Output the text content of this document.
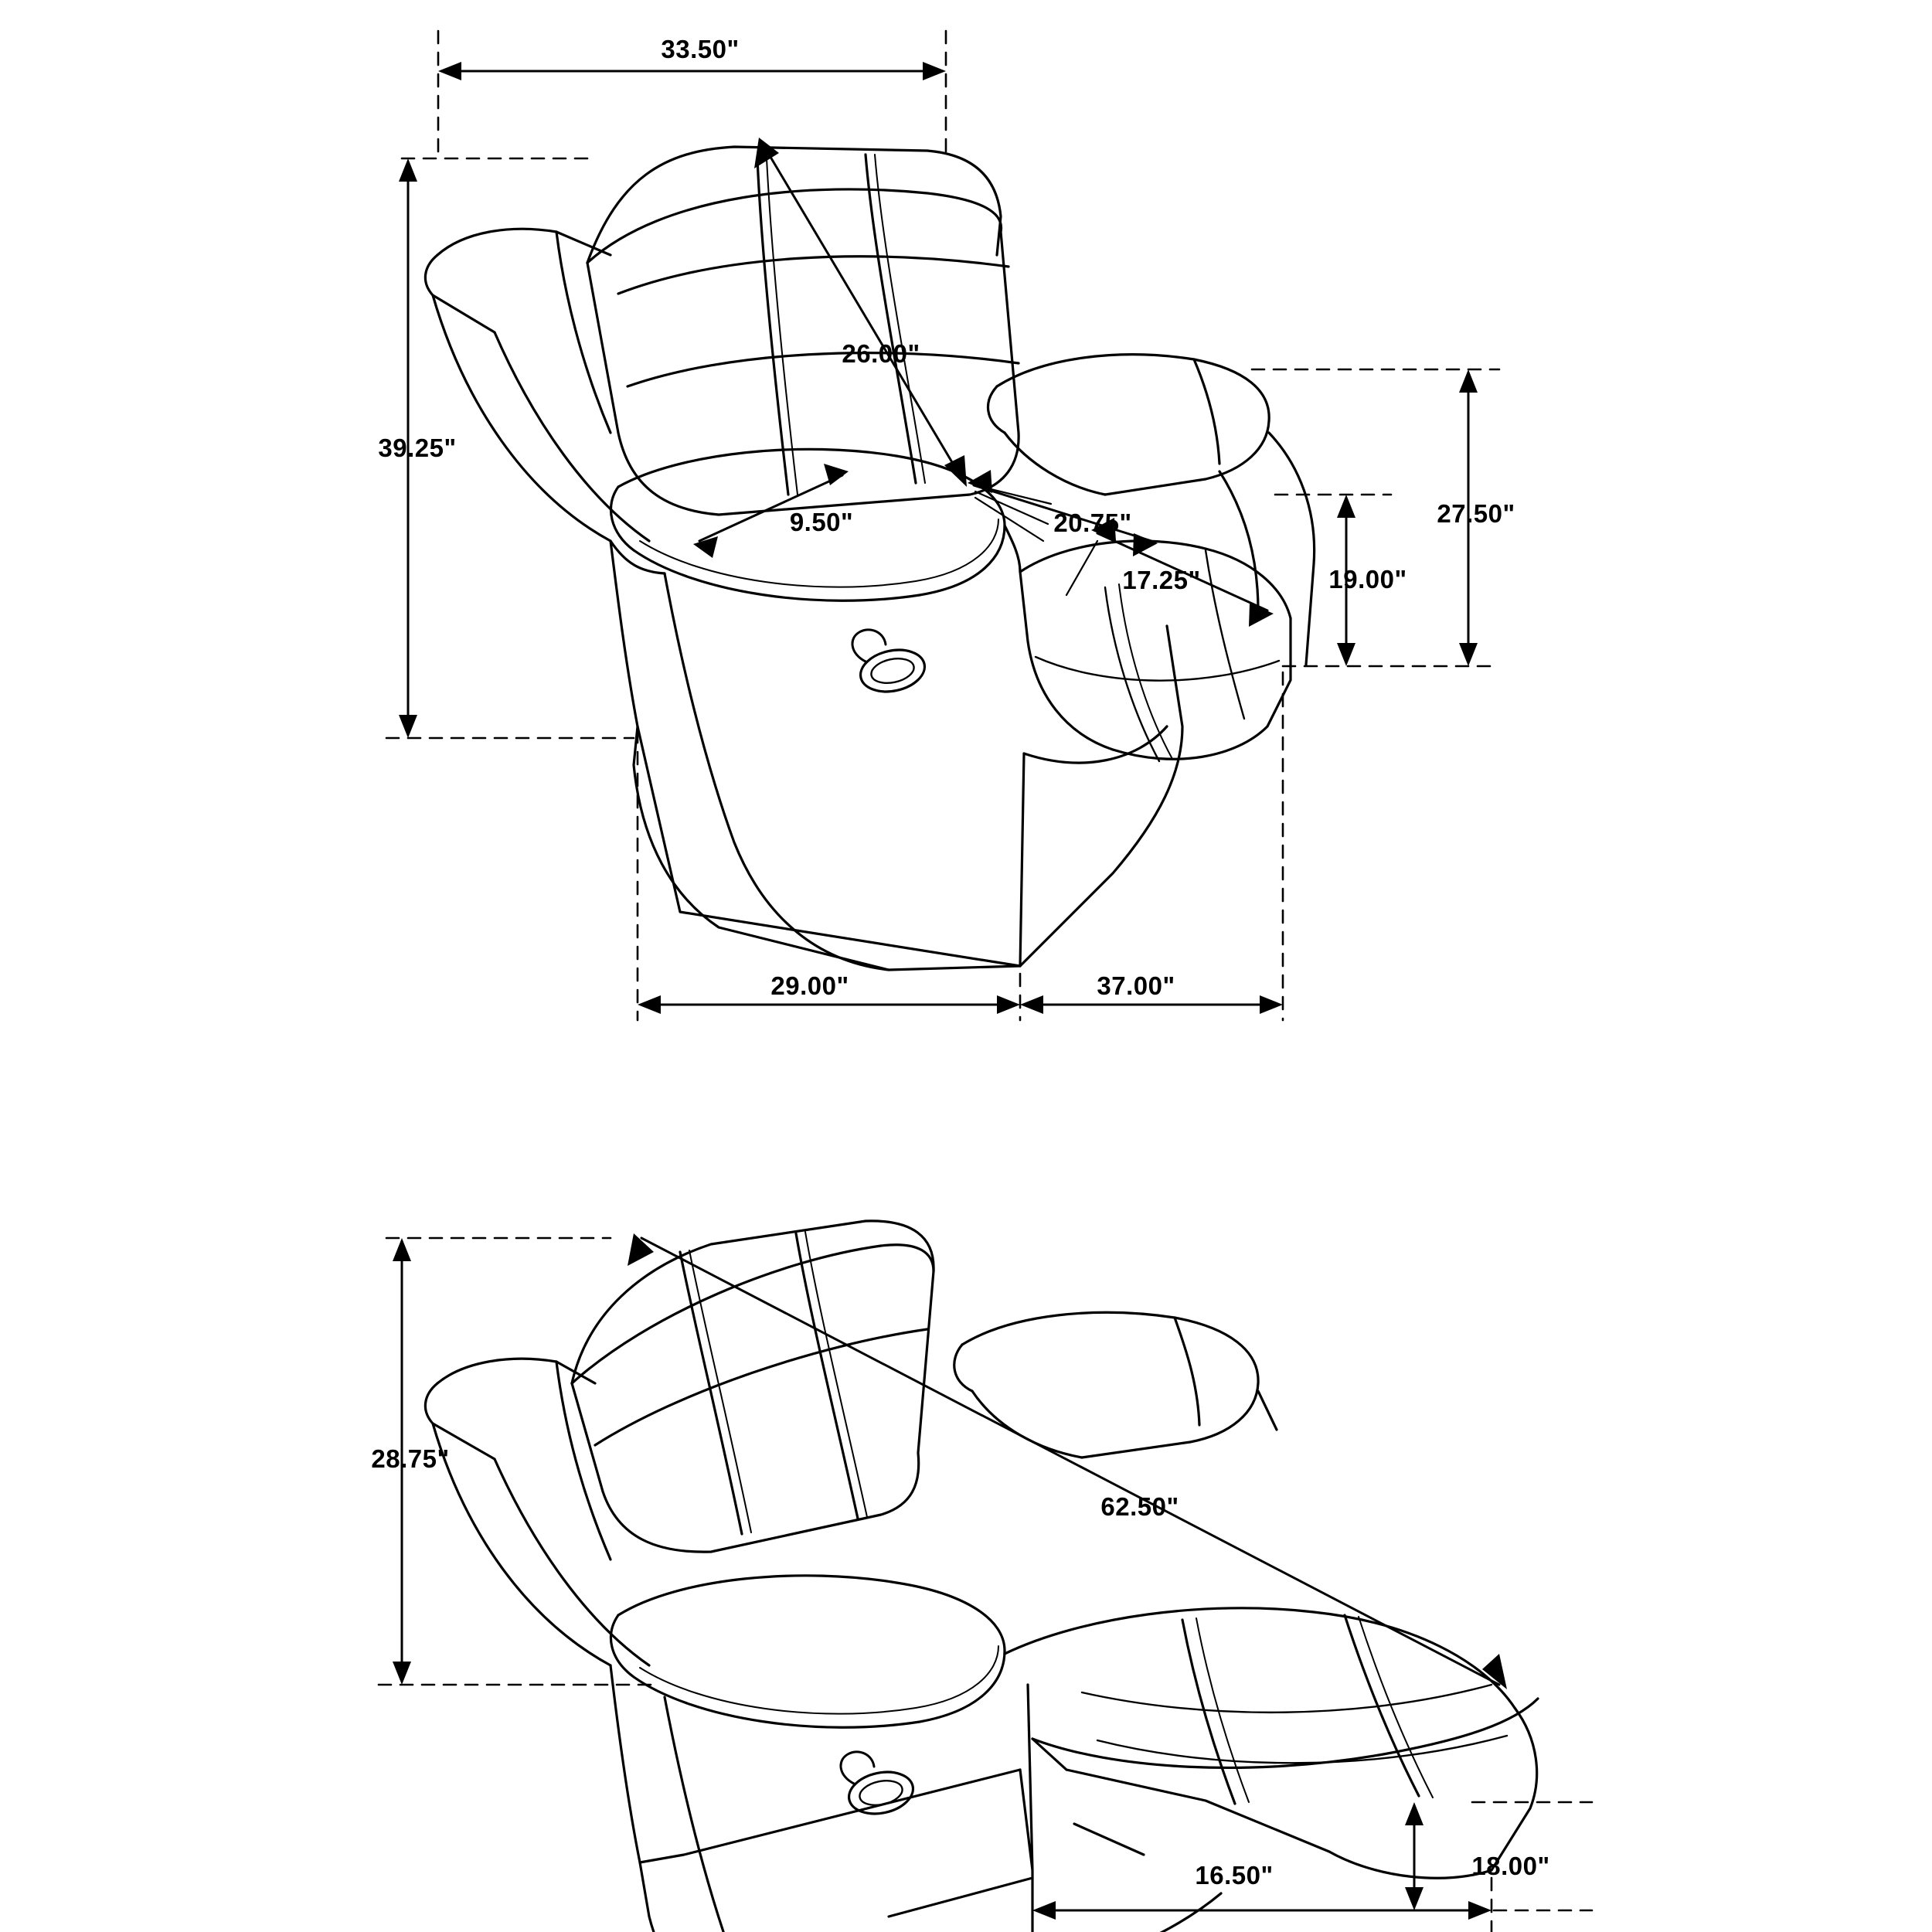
33.50"
39.25"
26.00"
9.50"	20.75"
17.25"	19.00"
27.50"
29.00"	37.00"
28.75"
62.50"
16.50"	18.00"
